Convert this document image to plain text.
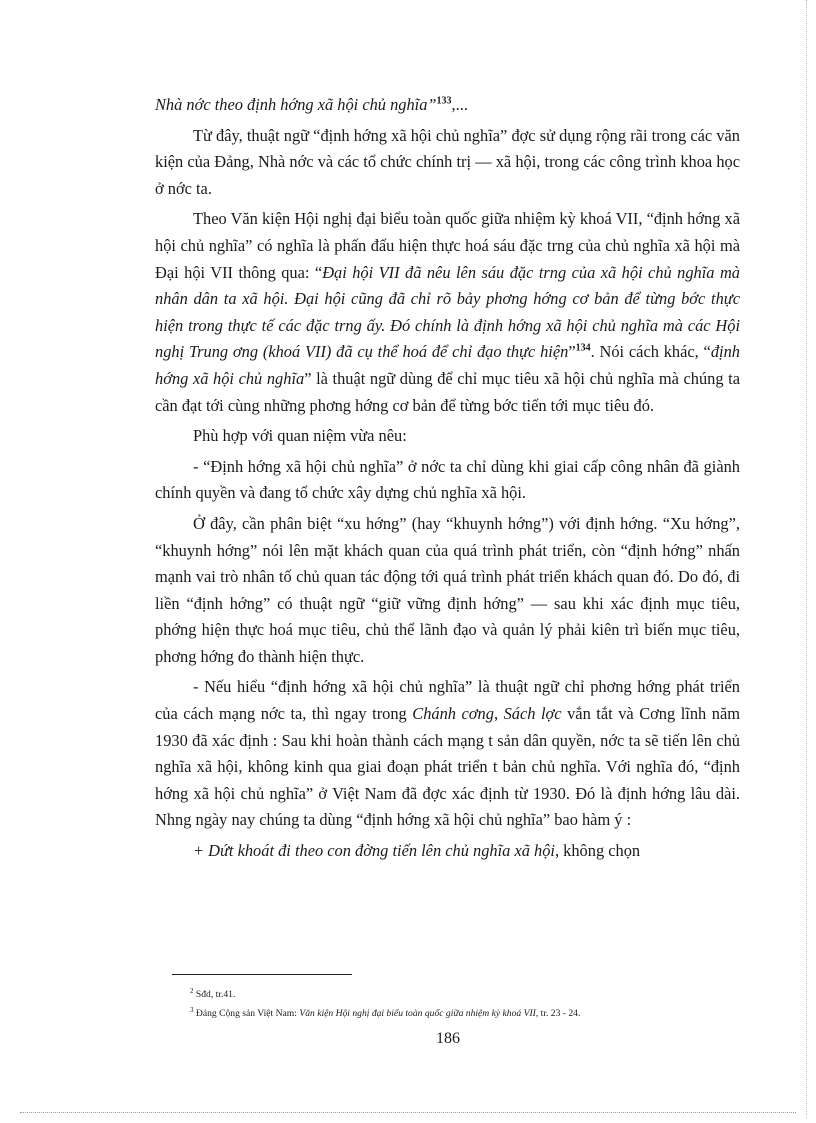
Nhà nớc theo định hớng xã hội chủ nghĩa”$^{133}$,...

Từ đây, thuật ngữ “định hớng xã hội chủ nghĩa” đợc sử dụng rộng rãi trong các văn kiện của Đảng, Nhà nớc và các tổ chức chính trị — xã hội, trong các công trình khoa học ở nớc ta.

Theo Văn kiện Hội nghị đại biểu toàn quốc giữa nhiệm kỳ khoá VII, “định hớng xã hội chủ nghĩa” có nghĩa là phấn đấu hiện thực hoá sáu đặc trng của chủ nghĩa xã hội mà Đại hội VII thông qua: “Đại hội VII đã nêu lên sáu đặc trng của xã hội chủ nghĩa mà nhân dân ta xã hội. Đại hội cũng đã chỉ rõ bảy phơng hớng cơ bản để từng bớc thực hiện trong thực tế các đặc trng ấy. Đó chính là định hớng xã hội chủ nghĩa mà các Hội nghị Trung ơng (khoá VII) đã cụ thể hoá để chỉ đạo thực hiện”$^{134}$. Nói cách khác, “định hớng xã hội chủ nghĩa” là thuật ngữ dùng để chỉ mục tiêu xã hội chủ nghĩa mà chúng ta cần đạt tới cùng những phơng hớng cơ bản để từng bớc tiến tới mục tiêu đó.

Phù hợp với quan niệm vừa nêu:

- “Định hớng xã hội chủ nghĩa” ở nớc ta chỉ dùng khi giai cấp công nhân đã giành chính quyền và đang tổ chức xây dựng chủ nghĩa xã hội.

Ở đây, cần phân biệt “xu hớng” (hay “khuynh hớng”) với định hớng. “Xu hớng”, “khuynh hớng” nói lên mặt khách quan của quá trình phát triển, còn “định hớng” nhấn mạnh vai trò nhân tố chủ quan tác động tới quá trình phát triển khách quan đó. Do đó, đi liền “định hớng” có thuật ngữ “giữ vững định hớng” — sau khi xác định mục tiêu, phớng hiện thực hoá mục tiêu, chủ thể lãnh đạo và quản lý phải kiên trì biến mục tiêu, phơng hớng đo thành hiện thực.

- Nếu hiểu “định hớng xã hội chủ nghĩa” là thuật ngữ chỉ phơng hớng phát triển của cách mạng nớc ta, thì ngay trong Chánh cơng, Sách lợc vắn tắt và Cơng lĩnh năm 1930 đã xác định : Sau khi hoàn thành cách mạng t sản dân quyền, nớc ta sẽ tiến lên chủ nghĩa xã hội, không kinh qua giai đoạn phát triển t bản chủ nghĩa. Với nghĩa đó, “định hớng xã hội chủ nghĩa” ở Việt Nam đã đợc xác định từ 1930. Đó là định hớng lâu dài. Nhng ngày nay chúng ta dùng “định hớng xã hội chủ nghĩa” bao hàm ý :

+ Dứt khoát đi theo con đờng tiến lên chủ nghĩa xã hội, không chọn

$^2$ Sđd, tr.41.
$^3$ Đảng Cộng sản Việt Nam: Văn kiện Hội nghị đại biểu toàn quốc giữa nhiệm kỳ khoá VII, tr. 23 - 24.
186
